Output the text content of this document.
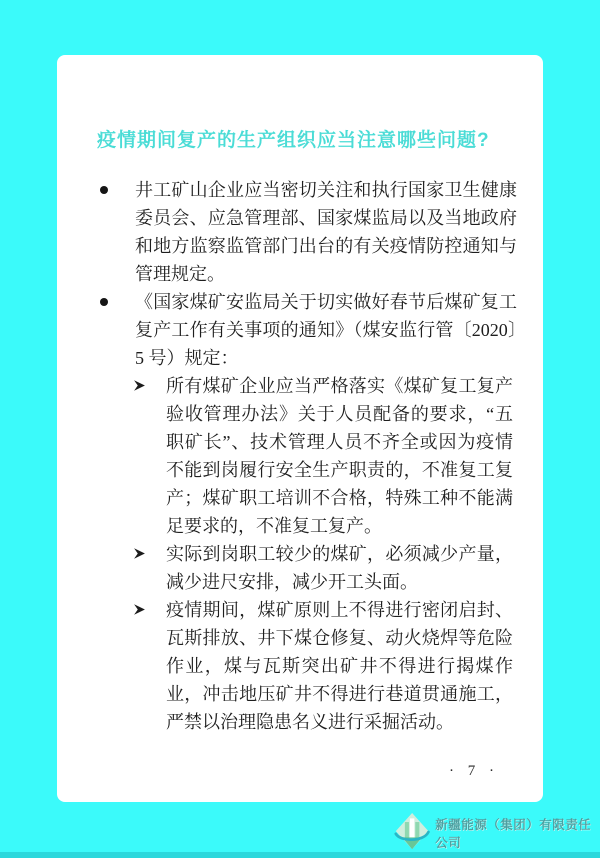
疫情期间复产的生产组织应当注意哪些问题?
井工矿山企业应当密切关注和执行国家卫生健康委员会、应急管理部、国家煤监局以及当地政府和地方监察监管部门出台的有关疫情防控通知与管理规定。
《国家煤矿安监局关于切实做好春节后煤矿复工复产工作有关事项的通知》（煤安监行管〔2020〕5 号）规定：
所有煤矿企业应当严格落实《煤矿复工复产验收管理办法》关于人员配备的要求，“五职矿长”、技术管理人员不齐全或因为疫情不能到岗履行安全生产职责的，不准复工复产；煤矿职工培训不合格，特殊工种不能满足要求的，不准复工复产。
实际到岗职工较少的煤矿，必须减少产量，减少进尺安排，减少开工头面。
疫情期间，煤矿原则上不得进行密闭启封、瓦斯排放、井下煤仓修复、动火烧焊等危险作业，煤与瓦斯突出矿井不得进行揭煤作业，冲击地压矿井不得进行巷道贯通施工，严禁以治理隐患名义进行采掘活动。
· 7 ·
新疆能源（集团）有限责任公司
